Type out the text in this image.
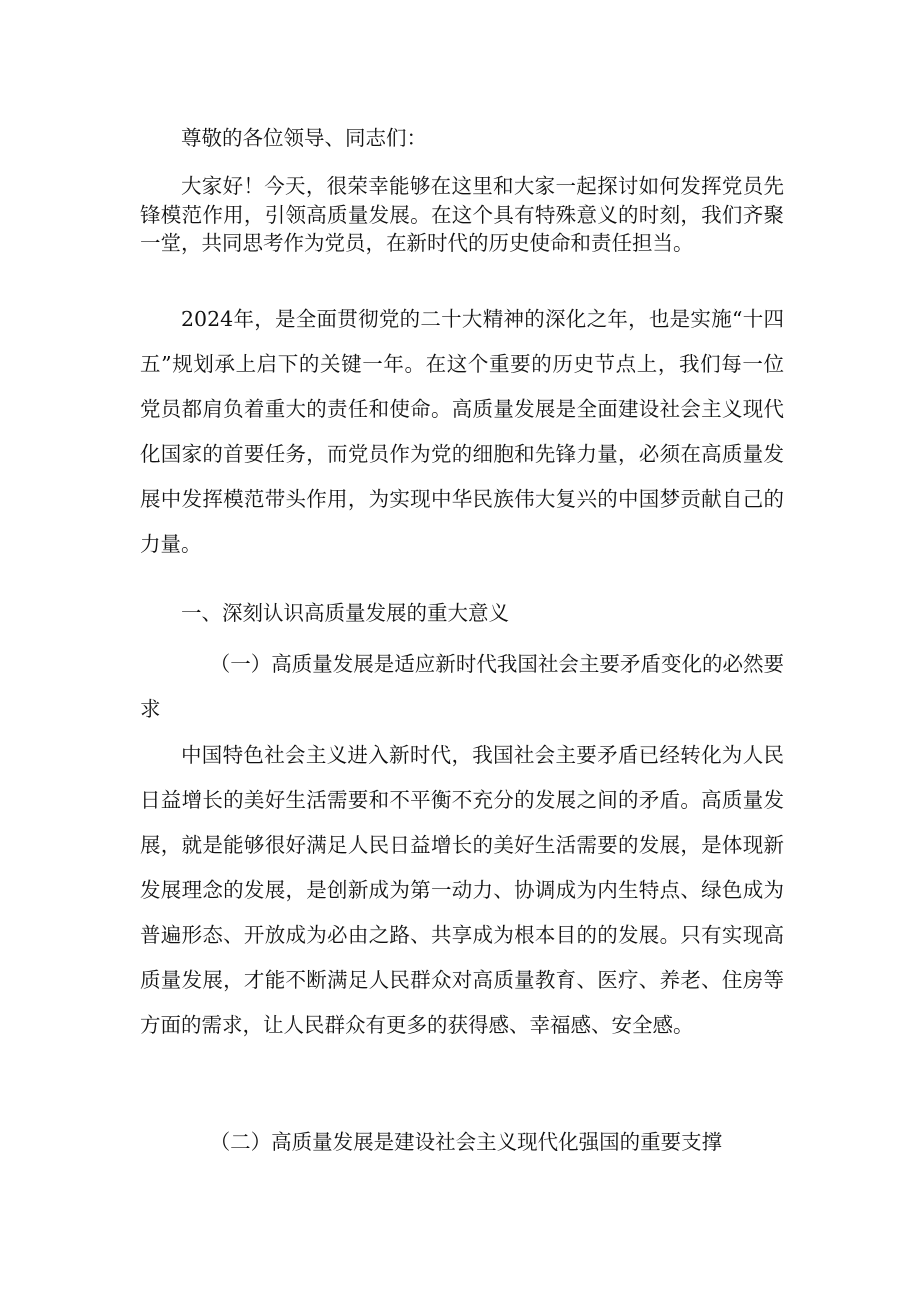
尊敬的各位领导、同志们：

大家好！今天，很荣幸能够在这里和大家一起探讨如何发挥党员先锋模范作用，引领高质量发展。在这个具有特殊意义的时刻，我们齐聚一堂，共同思考作为党员，在新时代的历史使命和责任担当。

2024年，是全面贯彻党的二十大精神的深化之年，也是实施“十四五”规划承上启下的关键一年。在这个重要的历史节点上，我们每一位党员都肩负着重大的责任和使命。高质量发展是全面建设社会主义现代化国家的首要任务，而党员作为党的细胞和先锋力量，必须在高质量发展中发挥模范带头作用，为实现中华民族伟大复兴的中国梦贡献自己的力量。

一、深刻认识高质量发展的重大意义

（一）高质量发展是适应新时代我国社会主要矛盾变化的必然要求

中国特色社会主义进入新时代，我国社会主要矛盾已经转化为人民日益增长的美好生活需要和不平衡不充分的发展之间的矛盾。高质量发展，就是能够很好满足人民日益增长的美好生活需要的发展，是体现新发展理念的发展，是创新成为第一动力、协调成为内生特点、绿色成为普遍形态、开放成为必由之路、共享成为根本目的的发展。只有实现高质量发展，才能不断满足人民群众对高质量教育、医疗、养老、住房等方面的需求，让人民群众有更多的获得感、幸福感、安全感。

（二）高质量发展是建设社会主义现代化强国的重要支撑
